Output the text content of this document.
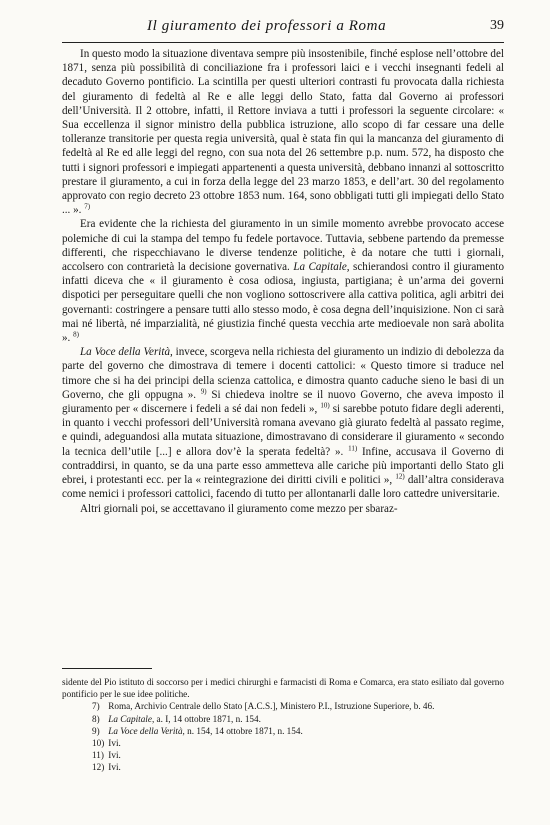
Il giuramento dei professori a Roma	39

In questo modo la situazione diventava sempre più insostenibile, finché esplose nell’ottobre del 1871, senza più possibilità di conciliazione fra i professori laici e i vecchi insegnanti fedeli al decaduto Governo pontificio. La scintilla per questi ulteriori contrasti fu provocata dalla richiesta del giuramento di fedeltà al Re e alle leggi dello Stato, fatta dal Governo ai professori dell’Università. Il 2 ottobre, infatti, il Rettore inviava a tutti i professori la seguente circolare: « Sua eccellenza il signor ministro della pubblica istruzione, allo scopo di far cessare una delle tolleranze transitorie per questa regia università, qual è stata fin qui la mancanza del giuramento di fedeltà al Re ed alle leggi del regno, con sua nota del 26 settembre p.p. num. 572, ha disposto che tutti i signori professori e impiegati appartenenti a questa università, debbano innanzi al sottoscritto prestare il giuramento, a cui in forza della legge del 23 marzo 1853, e dell’art. 30 del regolamento approvato con regio decreto 23 ottobre 1853 num. 164, sono obbligati tutti gli impiegati dello Stato ... ». $^{7)}$

Era evidente che la richiesta del giuramento in un simile momento avrebbe provocato accese polemiche di cui la stampa del tempo fu fedele portavoce. Tuttavia, sebbene partendo da premesse differenti, che rispecchiavano le diverse tendenze politiche, è da notare che tutti i giornali, accolsero con contrarietà la decisione governativa. La Capitale, schierandosi contro il giuramento infatti diceva che « il giuramento è cosa odiosa, ingiusta, partigiana; è un’arma dei governi dispotici per perseguitare quelli che non vogliono sottoscrivere alla cattiva politica, agli arbitri dei governanti: costringere a pensare tutti allo stesso modo, è cosa degna dell’inquisizione. Non ci sarà mai né libertà, né imparzialità, né giustizia finché questa vecchia arte medioevale non sarà abolita ». $^{8)}$

La Voce della Verità, invece, scorgeva nella richiesta del giuramento un indizio di debolezza da parte del governo che dimostrava di temere i docenti cattolici: « Questo timore si traduce nel timore che si ha dei principi della scienza cattolica, e dimostra quanto caduche sieno le basi di un Governo, che gli oppugna ». $^{9)}$ Si chiedeva inoltre se il nuovo Governo, che aveva imposto il giuramento per « discernere i fedeli a sé dai non fedeli », $^{10)}$ si sarebbe potuto fidare degli aderenti, in quanto i vecchi professori dell’Università romana avevano già giurato fedeltà al passato regime, e quindi, adeguandosi alla mutata situazione, dimostravano di considerare il giuramento « secondo la tecnica dell’utile [...] e allora dov’è la sperata fedeltà? ». $^{11)}$ Infine, accusava il Governo di contraddirsi, in quanto, se da una parte esso ammetteva alle cariche più importanti dello Stato gli ebrei, i protestanti ecc. per la « reintegrazione dei diritti civili e politici », $^{12)}$ dall’altra considerava come nemici i professori cattolici, facendo di tutto per allontanarli dalle loro cattedre universitarie.

Altri giornali poi, se accettavano il giuramento come mezzo per sbaraz-

sidente del Pio istituto di soccorso per i medici chirurghi e farmacisti di Roma e Comarca, era stato esiliato dal governo pontificio per le sue idee politiche.

7) Roma, Archivio Centrale dello Stato [A.C.S.], Ministero P.I., Istruzione Superiore, b. 46.

8) La Capitale, a. I, 14 ottobre 1871, n. 154.

9) La Voce della Verità, n. 154, 14 ottobre 1871, n. 154.

10) Ivi.

11) Ivi.

12) Ivi.
